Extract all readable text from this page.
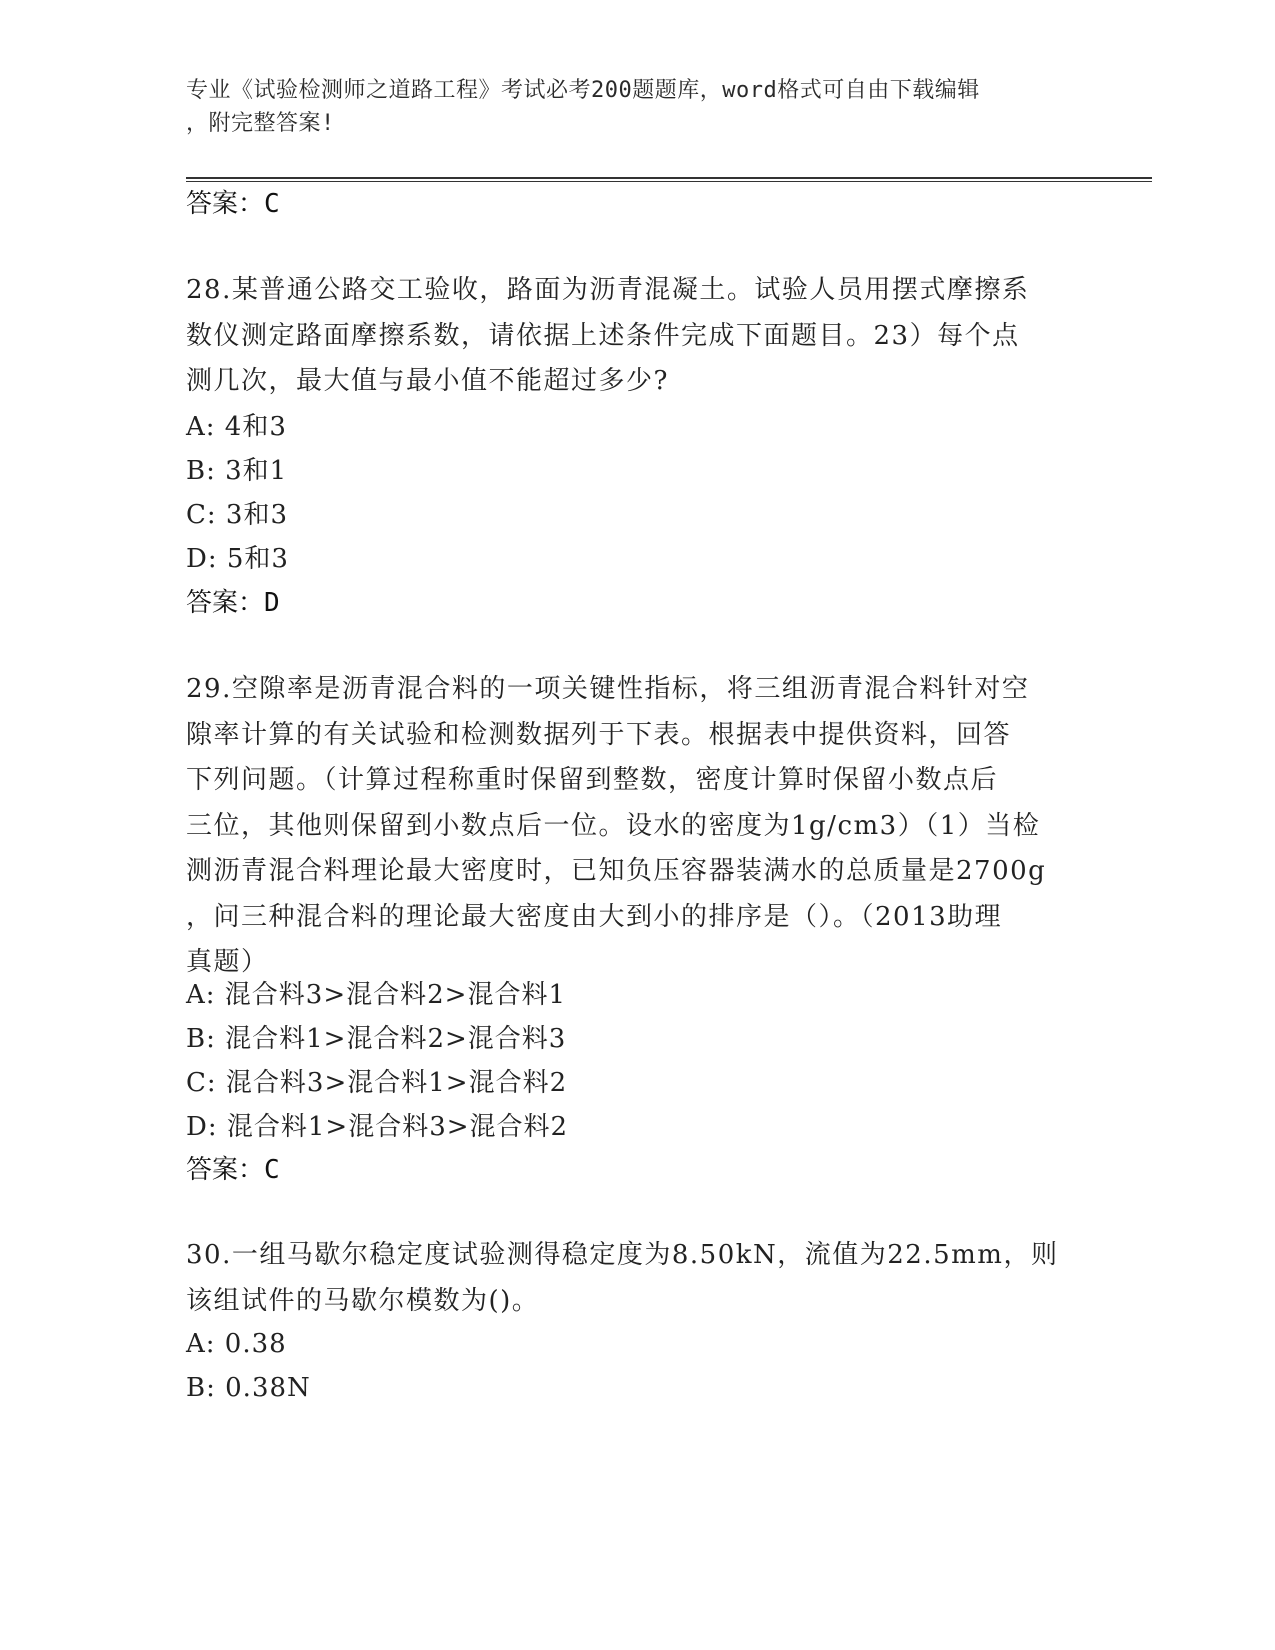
专业《试验检测师之道路工程》考试必考200题题库，word格式可自由下载编辑
，附完整答案!
答案：C
28.某普通公路交工验收，路面为沥青混凝土。试验人员用摆式摩擦系
数仪测定路面摩擦系数，请依据上述条件完成下面题目。23）每个点
测几次，最大值与最小值不能超过多少?
A: 4和3
B: 3和1
C: 3和3
D: 5和3
答案：D
29.空隙率是沥青混合料的一项关键性指标，将三组沥青混合料针对空
隙率计算的有关试验和检测数据列于下表。根据表中提供资料，回答
下列问题。（计算过程称重时保留到整数，密度计算时保留小数点后
三位，其他则保留到小数点后一位。设水的密度为1g/cm3）（1）当检
测沥青混合料理论最大密度时，已知负压容器装满水的总质量是2700g
，问三种混合料的理论最大密度由大到小的排序是（）。（2013助理
真题）
A: 混合料3>混合料2>混合料1
B: 混合料1>混合料2>混合料3
C: 混合料3>混合料1>混合料2
D: 混合料1>混合料3>混合料2
答案：C
30.一组马歇尔稳定度试验测得稳定度为8.50kN，流值为22.5mm，则
该组试件的马歇尔模数为()。
A: 0.38
B: 0.38N
